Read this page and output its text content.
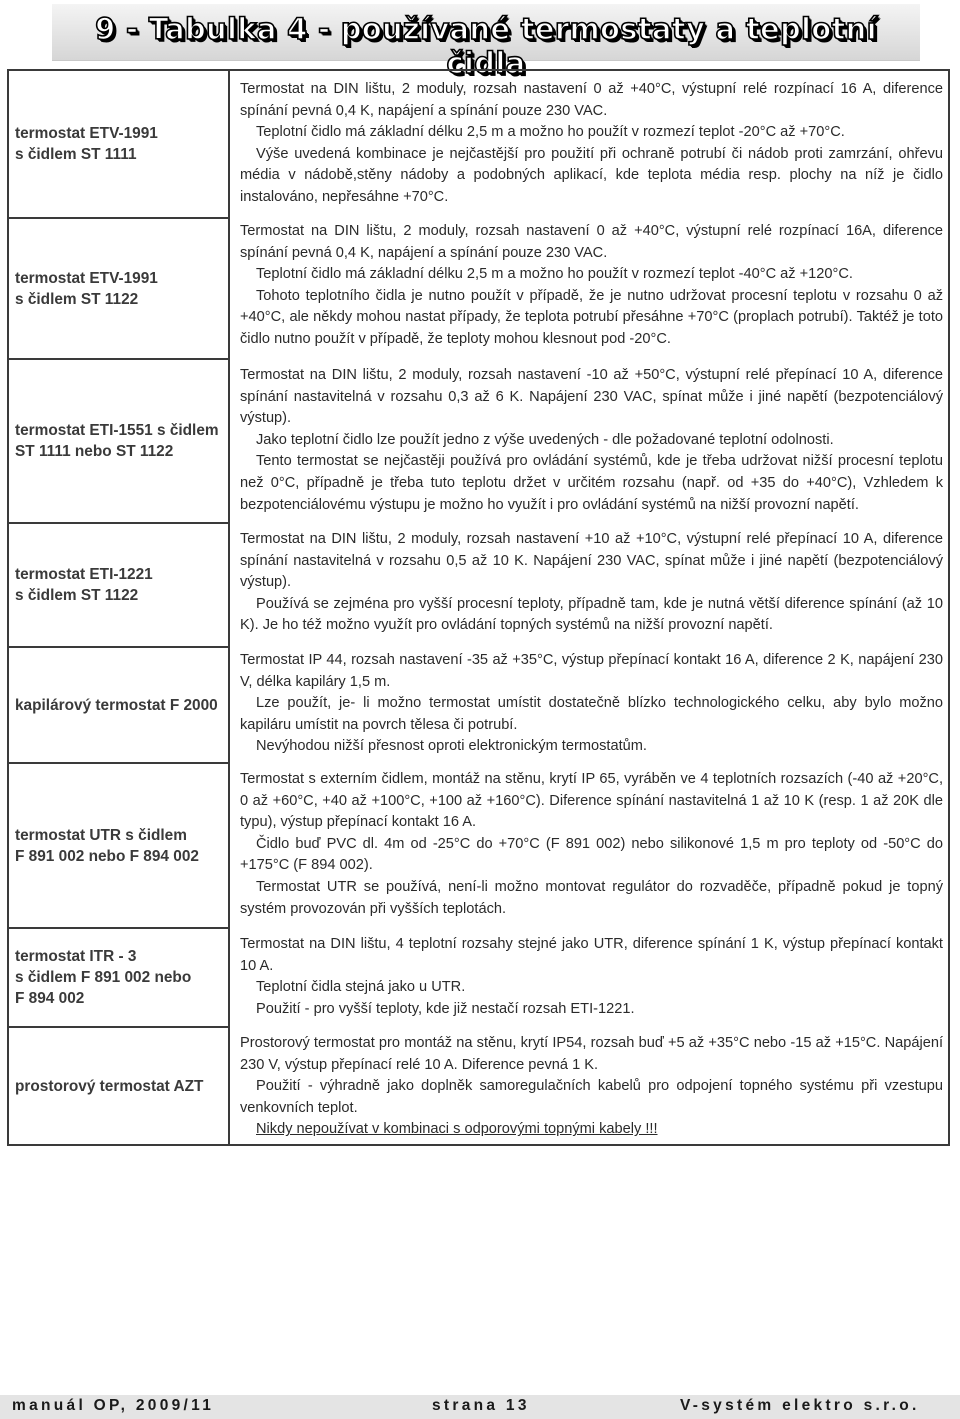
9 - Tabulka 4 - používané termostaty a teplotní čidla
termostat ETV-1991
s čidlem ST 1111

Termostat na DIN lištu, 2 moduly, rozsah nastavení 0 až +40°C, výstupní relé rozpínací 16 A, diference spínání pevná 0,4 K, napájení a spínání pouze 230 VAC.

Teplotní čidlo má základní délku 2,5 m a možno ho použít v rozmezí teplot -20°C až +70°C.

Výše uvedená kombinace je nejčastější pro použití při ochraně potrubí či nádob proti zamrzání, ohřevu média v nádobě,stěny nádoby a podobných aplikací, kde teplota média resp. plochy na níž je čidlo instalováno, nepřesáhne +70°C.

termostat ETV-1991
s čidlem ST 1122

Termostat na DIN lištu, 2 moduly, rozsah nastavení 0 až +40°C, výstupní relé rozpínací 16A, diference spínání pevná 0,4 K, napájení a spínání pouze 230 VAC.

Teplotní čidlo má základní délku 2,5 m a možno ho použít v rozmezí teplot -40°C až +120°C.

Tohoto teplotního čidla je nutno použít v případě, že je nutno udržovat procesní teplotu v rozsahu 0 až +40°C, ale někdy mohou nastat případy, že teplota potrubí přesáhne +70°C (proplach potrubí). Taktéž je toto čidlo nutno použít v případě, že teploty mohou klesnout pod -20°C.

termostat ETI-1551 s čidlem
ST 1111 nebo ST 1122

Termostat na DIN lištu, 2 moduly, rozsah nastavení -10 až +50°C, výstupní relé přepínací 10 A, diference spínání nastavitelná v rozsahu 0,3 až 6 K. Napájení 230 VAC, spínat může i jiné napětí (bezpotenciálový výstup).

Jako teplotní čidlo lze použít jedno z výše uvedených - dle požadované teplotní odolnosti.

Tento termostat se nejčastěji používá pro ovládání systémů, kde je třeba udržovat nižší procesní teplotu než 0°C, případně je třeba tuto teplotu držet v určitém rozsahu (např. od +35 do +40°C), Vzhledem k bezpotenciálovému výstupu je možno ho využít i pro ovládání systémů na nižší provozní napětí.

termostat ETI-1221
s čidlem ST 1122

Termostat na DIN lištu, 2 moduly, rozsah nastavení +10 až +10°C, výstupní relé přepínací 10 A, diference spínání nastavitelná v rozsahu 0,5 až 10 K. Napájení 230 VAC, spínat může i jiné napětí (bezpotenciálový výstup).

Používá se zejména pro vyšší procesní teploty, případně tam, kde je nutná větší diference spínání (až 10 K). Je ho též možno využít pro ovládání topných systémů na nižší provozní napětí.

kapilárový termostat F 2000

Termostat IP 44, rozsah nastavení -35 až +35°C, výstup přepínací kontakt 16 A, diference 2 K, napájení 230 V, délka kapiláry 1,5 m.

Lze použít, je- li možno termostat umístit dostatečně blízko technologického celku, aby bylo možno kapiláru umístit na povrch tělesa či potrubí.

Nevýhodou nižší přesnost oproti elektronickým termostatům.

termostat UTR s čidlem
F 891 002 nebo F 894 002

Termostat s externím čidlem, montáž na stěnu, krytí IP 65, vyráběn ve 4 teplotních rozsazích (-40 až +20°C, 0 až +60°C, +40 až +100°C, +100 až +160°C). Diference spínání nastavitelná 1 až 10 K (resp. 1 až 20K dle typu), výstup přepínací kontakt 16 A.

Čidlo buď PVC dl. 4m od -25°C do +70°C (F 891 002) nebo silikonové 1,5 m pro teploty od -50°C do +175°C (F 894 002).

Termostat UTR se používá, není-li možno montovat regulátor do rozvaděče, případně pokud je topný systém provozován při vyšších teplotách.

termostat ITR - 3
s čidlem F 891 002 nebo
F 894 002

Termostat na DIN lištu, 4 teplotní rozsahy stejné jako UTR, diference spínání 1 K, výstup přepínací kontakt 10 A.

Teplotní čidla stejná jako u UTR.

Použití - pro vyšší teploty, kde již nestačí rozsah ETI-1221.

prostorový termostat AZT

Prostorový termostat pro montáž na stěnu, krytí IP54, rozsah buď +5 až +35°C nebo -15 až +15°C. Napájení 230 V, výstup přepínací relé 10 A. Diference pevná 1 K.

Použití - výhradně jako doplněk samoregulačních kabelů pro odpojení topného systému při vzestupu venkovních teplot.

Nikdy nepoužívat v kombinaci s odporovými topnými kabely !!!

manuál OP, 2009/11	strana 13	V-systém elektro s.r.o.
